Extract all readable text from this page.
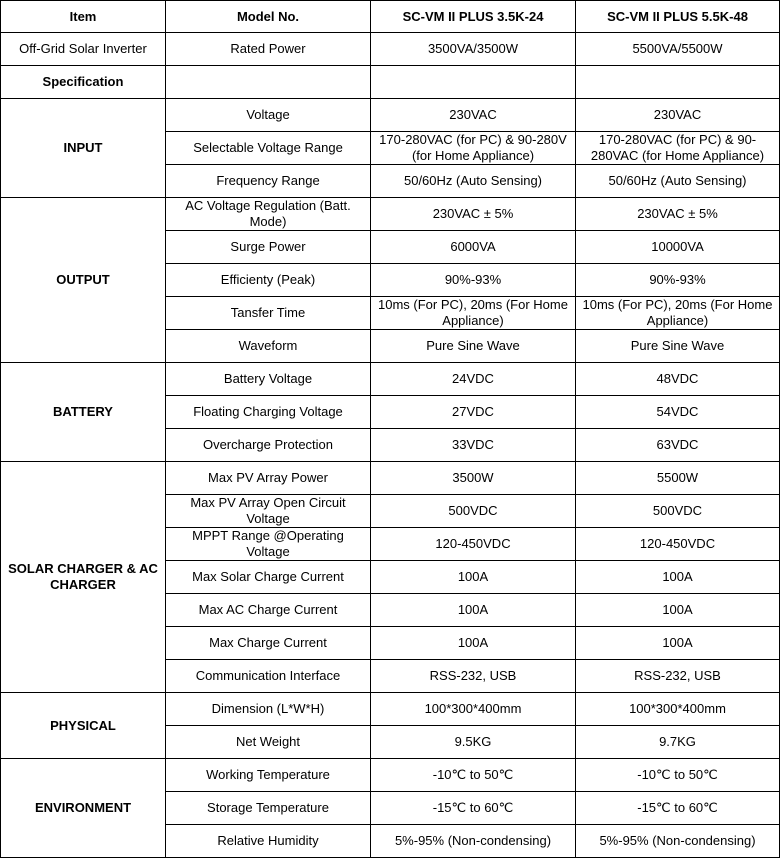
Item	Model No.	SC-VM II PLUS 3.5K-24	SC-VM II PLUS 5.5K-48
Off-Grid Solar Inverter	Rated Power	3500VA/3500W	5500VA/5500W
Specification			
INPUT	Voltage	230VAC	230VAC
	Selectable Voltage Range	170-280VAC (for PC) & 90-280V (for Home Appliance)	170-280VAC (for PC) & 90-280VAC (for Home Appliance)
	Frequency Range	50/60Hz (Auto Sensing)	50/60Hz (Auto Sensing)
OUTPUT	AC Voltage Regulation (Batt. Mode)	230VAC ± 5%	230VAC ± 5%
	Surge Power	6000VA	10000VA
	Efficienty (Peak)	90%-93%	90%-93%
	Tansfer Time	10ms (For PC), 20ms (For Home Appliance)	10ms (For PC), 20ms (For Home Appliance)
	Waveform	Pure Sine Wave	Pure Sine Wave
BATTERY	Battery Voltage	24VDC	48VDC
	Floating Charging Voltage	27VDC	54VDC
	Overcharge Protection	33VDC	63VDC
SOLAR CHARGER & AC CHARGER	Max PV Array Power	3500W	5500W
	Max PV Array Open Circuit Voltage	500VDC	500VDC
	MPPT Range @Operating Voltage	120-450VDC	120-450VDC
	Max Solar Charge Current	100A	100A
	Max AC Charge Current	100A	100A
	Max Charge Current	100A	100A
	Communication Interface	RSS-232, USB	RSS-232, USB
PHYSICAL	Dimension (L*W*H)	100*300*400mm	100*300*400mm
	Net Weight	9.5KG	9.7KG
ENVIRONMENT	Working Temperature	-10℃ to 50℃	-10℃ to 50℃
	Storage Temperature	-15℃ to 60℃	-15℃ to 60℃
	Relative Humidity	5%-95% (Non-condensing)	5%-95% (Non-condensing)
